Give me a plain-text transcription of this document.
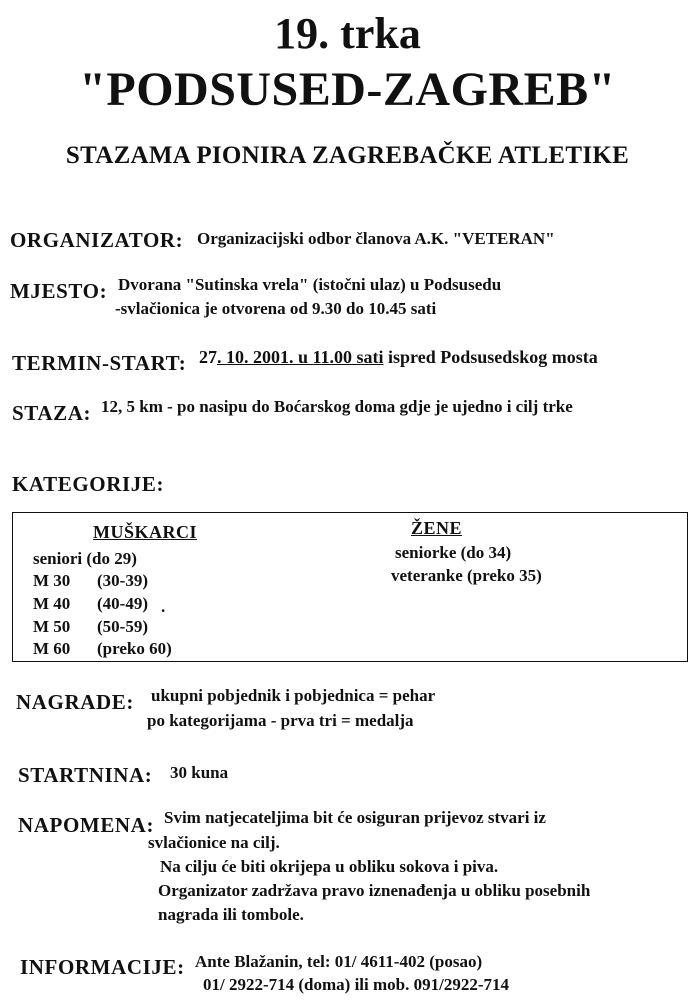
19. trka
"PODSUSED-ZAGREB"
STAZAMA PIONIRA ZAGREBAČKE ATLETIKE
ORGANIZATOR: Organizacijski odbor članova A.K. "VETERAN"
MJESTO: Dvorana "Sutinska vrela" (istočni ulaz) u Podsusedu
-svlačionica je otvorena od 9.30 do 10.45 sati
TERMIN-START: 27. 10. 2001. u 11.00 sati ispred Podsusedskog mosta
STAZA: 12, 5 km - po nasipu do Boćarskog doma gdje je ujedno i cilj trke
KATEGORIJE:
MUŠKARCI	ŽENE
seniori (do 29)
M 30 (30-39)
M 40 (40-49) .
M 50 (50-59)
M 60 (preko 60)
seniorke (do 34)
veteranke (preko 35)
NAGRADE: ukupni pobjednik i pobjednica = pehar
po kategorijama - prva tri = medalja
STARTNINA: 30 kuna
NAPOMENA: Svim natjecateljima bit će osiguran prijevoz stvari iz
svlačionice na cilj.
Na cilju će biti okrijepa u obliku sokova i piva.
Organizator zadržava pravo iznenađenja u obliku posebnih
nagrada ili tombole.
INFORMACIJE: Ante Blažanin, tel: 01/ 4611-402 (posao)
01/ 2922-714 (doma) ili mob. 091/2922-714
